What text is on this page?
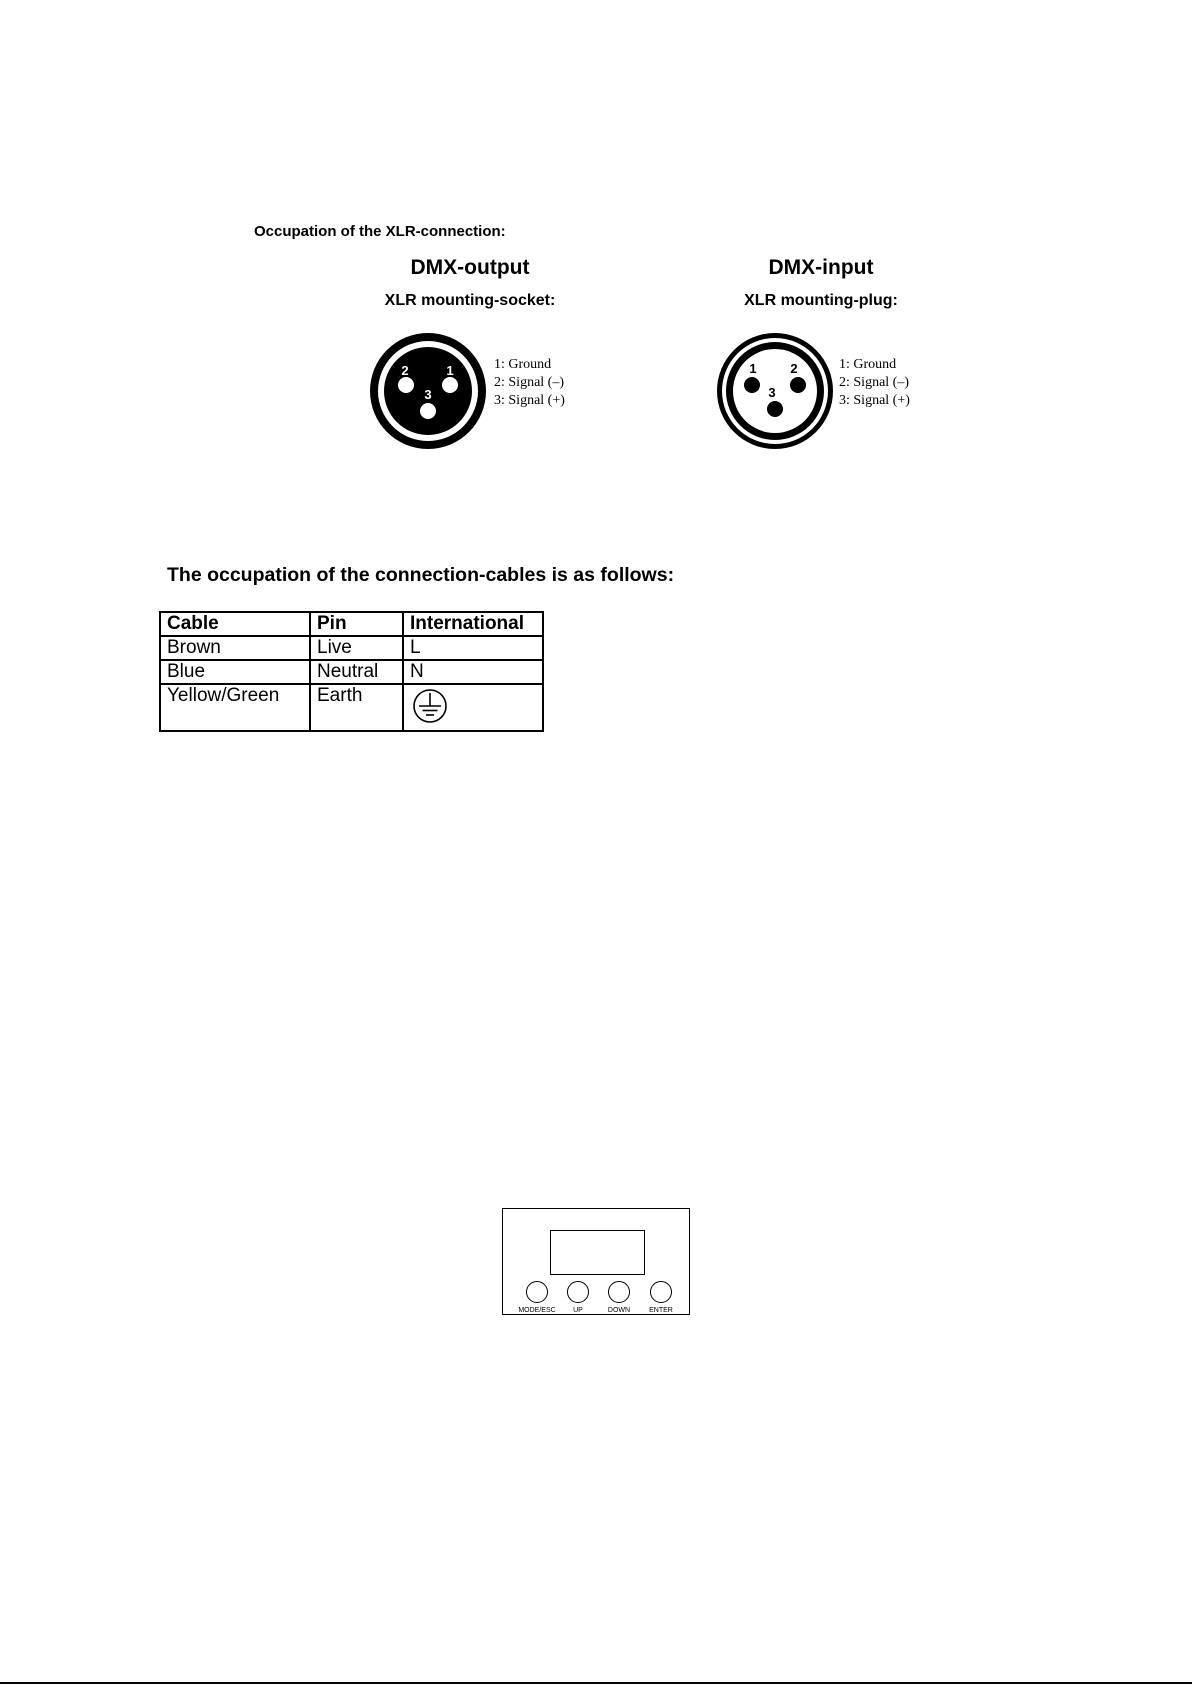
Occupation of the XLR-connection:
DMX-output
XLR mounting-socket:
2	1
3
1: Ground
2: Signal (–)
3: Signal (+)
DMX-input
XLR mounting-plug:
1	2
3
1: Ground
2: Signal (–)
3: Signal (+)
The occupation of the connection-cables is as follows:
Cable	Pin	International
Brown	Live	L
Blue	Neutral	N
Yellow/Green	Earth	
MODE/ESC	UP	DOWN	ENTER
